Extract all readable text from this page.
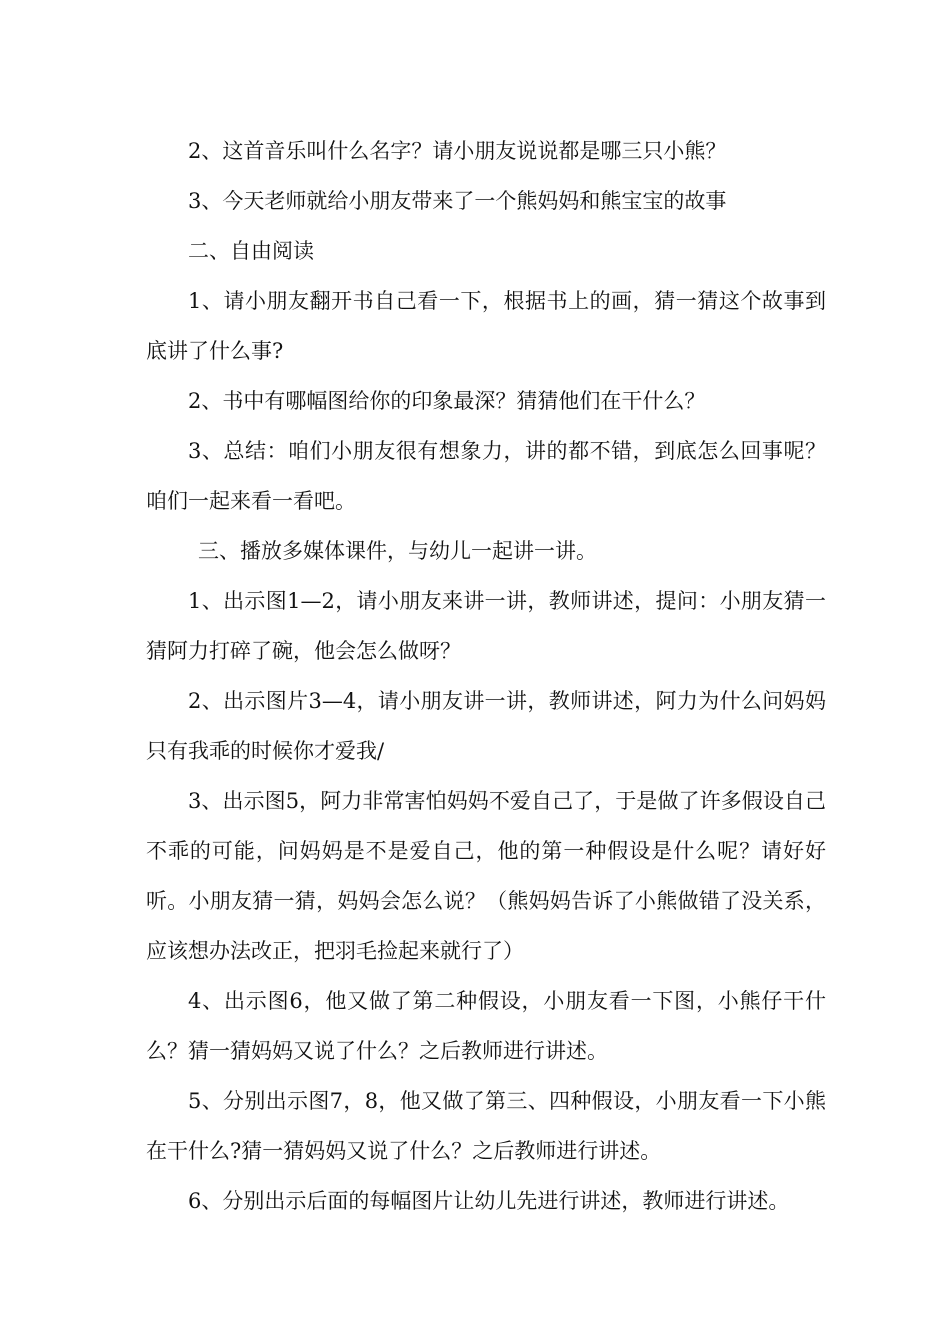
2、这首音乐叫什么名字？请小朋友说说都是哪三只小熊？

3、今天老师就给小朋友带来了一个熊妈妈和熊宝宝的故事

二、自由阅读

1、请小朋友翻开书自己看一下，根据书上的画，猜一猜这个故事到底讲了什么事?

2、书中有哪幅图给你的印象最深？猜猜他们在干什么？

3、总结：咱们小朋友很有想象力，讲的都不错，到底怎么回事呢？咱们一起来看一看吧。

三、播放多媒体课件，与幼儿一起讲一讲。

1、出示图1—2，请小朋友来讲一讲，教师讲述，提问：小朋友猜一猜阿力打碎了碗，他会怎么做呀？

2、出示图片3—4，请小朋友讲一讲，教师讲述，阿力为什么问妈妈只有我乖的时候你才爱我/

3、出示图5，阿力非常害怕妈妈不爱自己了，于是做了许多假设自己不乖的可能，问妈妈是不是爱自己，他的第一种假设是什么呢？请好好听。小朋友猜一猜，妈妈会怎么说？（熊妈妈告诉了小熊做错了没关系，应该想办法改正，把羽毛捡起来就行了）

4、出示图6，他又做了第二种假设，小朋友看一下图，小熊仔干什么？猜一猜妈妈又说了什么？之后教师进行讲述。

5、分别出示图7，8，他又做了第三、四种假设，小朋友看一下小熊在干什么?猜一猜妈妈又说了什么？之后教师进行讲述。

6、分别出示后面的每幅图片让幼儿先进行讲述，教师进行讲述。
